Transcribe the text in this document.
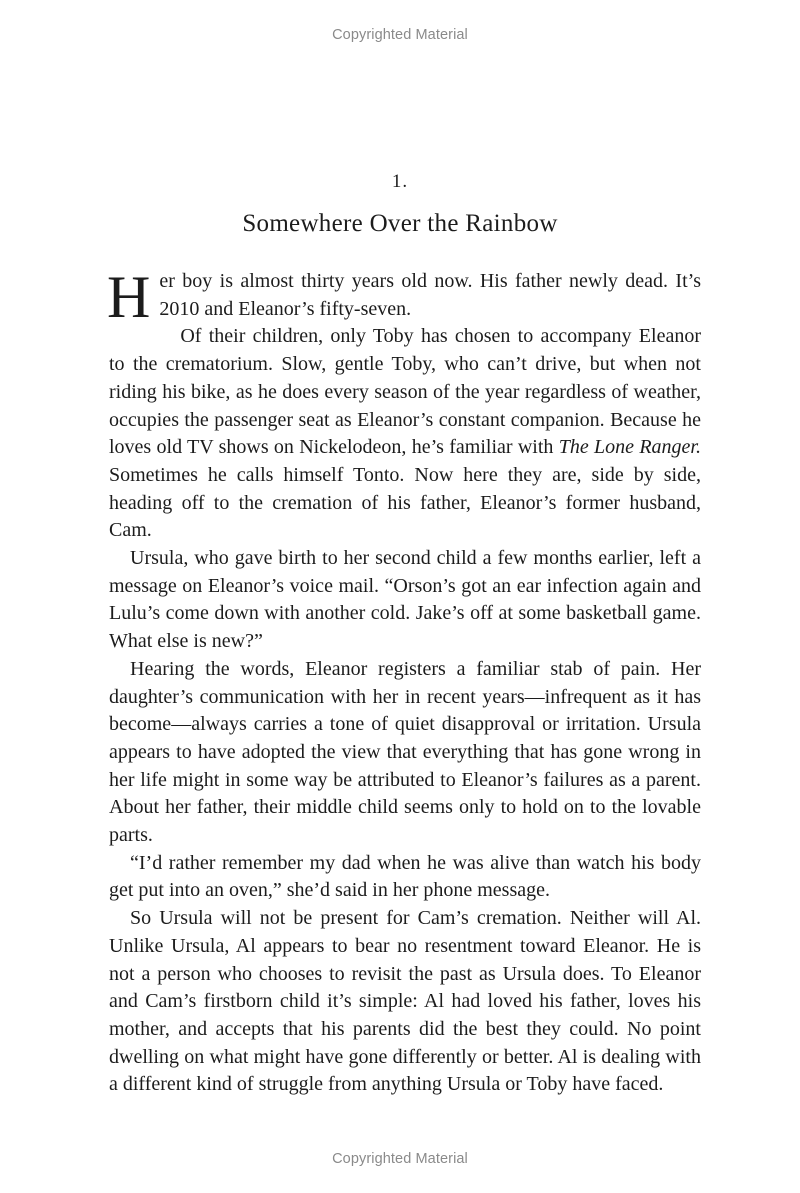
Copyrighted Material
1.
Somewhere Over the Rainbow

Her boy is almost thirty years old now. His father newly dead. It’s 2010 and Eleanor’s fifty-seven.

Of their children, only Toby has chosen to accompany Eleanor to the crematorium. Slow, gentle Toby, who can’t drive, but when not riding his bike, as he does every season of the year regardless of weather, occupies the passenger seat as Eleanor’s constant companion. Because he loves old TV shows on Nickelodeon, he’s familiar with The Lone Ranger. Sometimes he calls himself Tonto. Now here they are, side by side, heading off to the cremation of his father, Eleanor’s former husband, Cam.

Ursula, who gave birth to her second child a few months earlier, left a message on Eleanor’s voice mail. “Orson’s got an ear infection again and Lulu’s come down with another cold. Jake’s off at some basketball game. What else is new?”

Hearing the words, Eleanor registers a familiar stab of pain. Her daughter’s communication with her in recent years—infrequent as it has become—always carries a tone of quiet disapproval or irritation. Ursula appears to have adopted the view that everything that has gone wrong in her life might in some way be attributed to Eleanor’s failures as a parent. About her father, their middle child seems only to hold on to the lovable parts.

“I’d rather remember my dad when he was alive than watch his body get put into an oven,” she’d said in her phone message.

So Ursula will not be present for Cam’s cremation. Neither will Al. Unlike Ursula, Al appears to bear no resentment toward Eleanor. He is not a person who chooses to revisit the past as Ursula does. To Eleanor and Cam’s firstborn child it’s simple: Al had loved his father, loves his mother, and accepts that his parents did the best they could. No point dwelling on what might have gone differently or better. Al is dealing with a different kind of struggle from anything Ursula or Toby have faced.

Copyrighted Material
